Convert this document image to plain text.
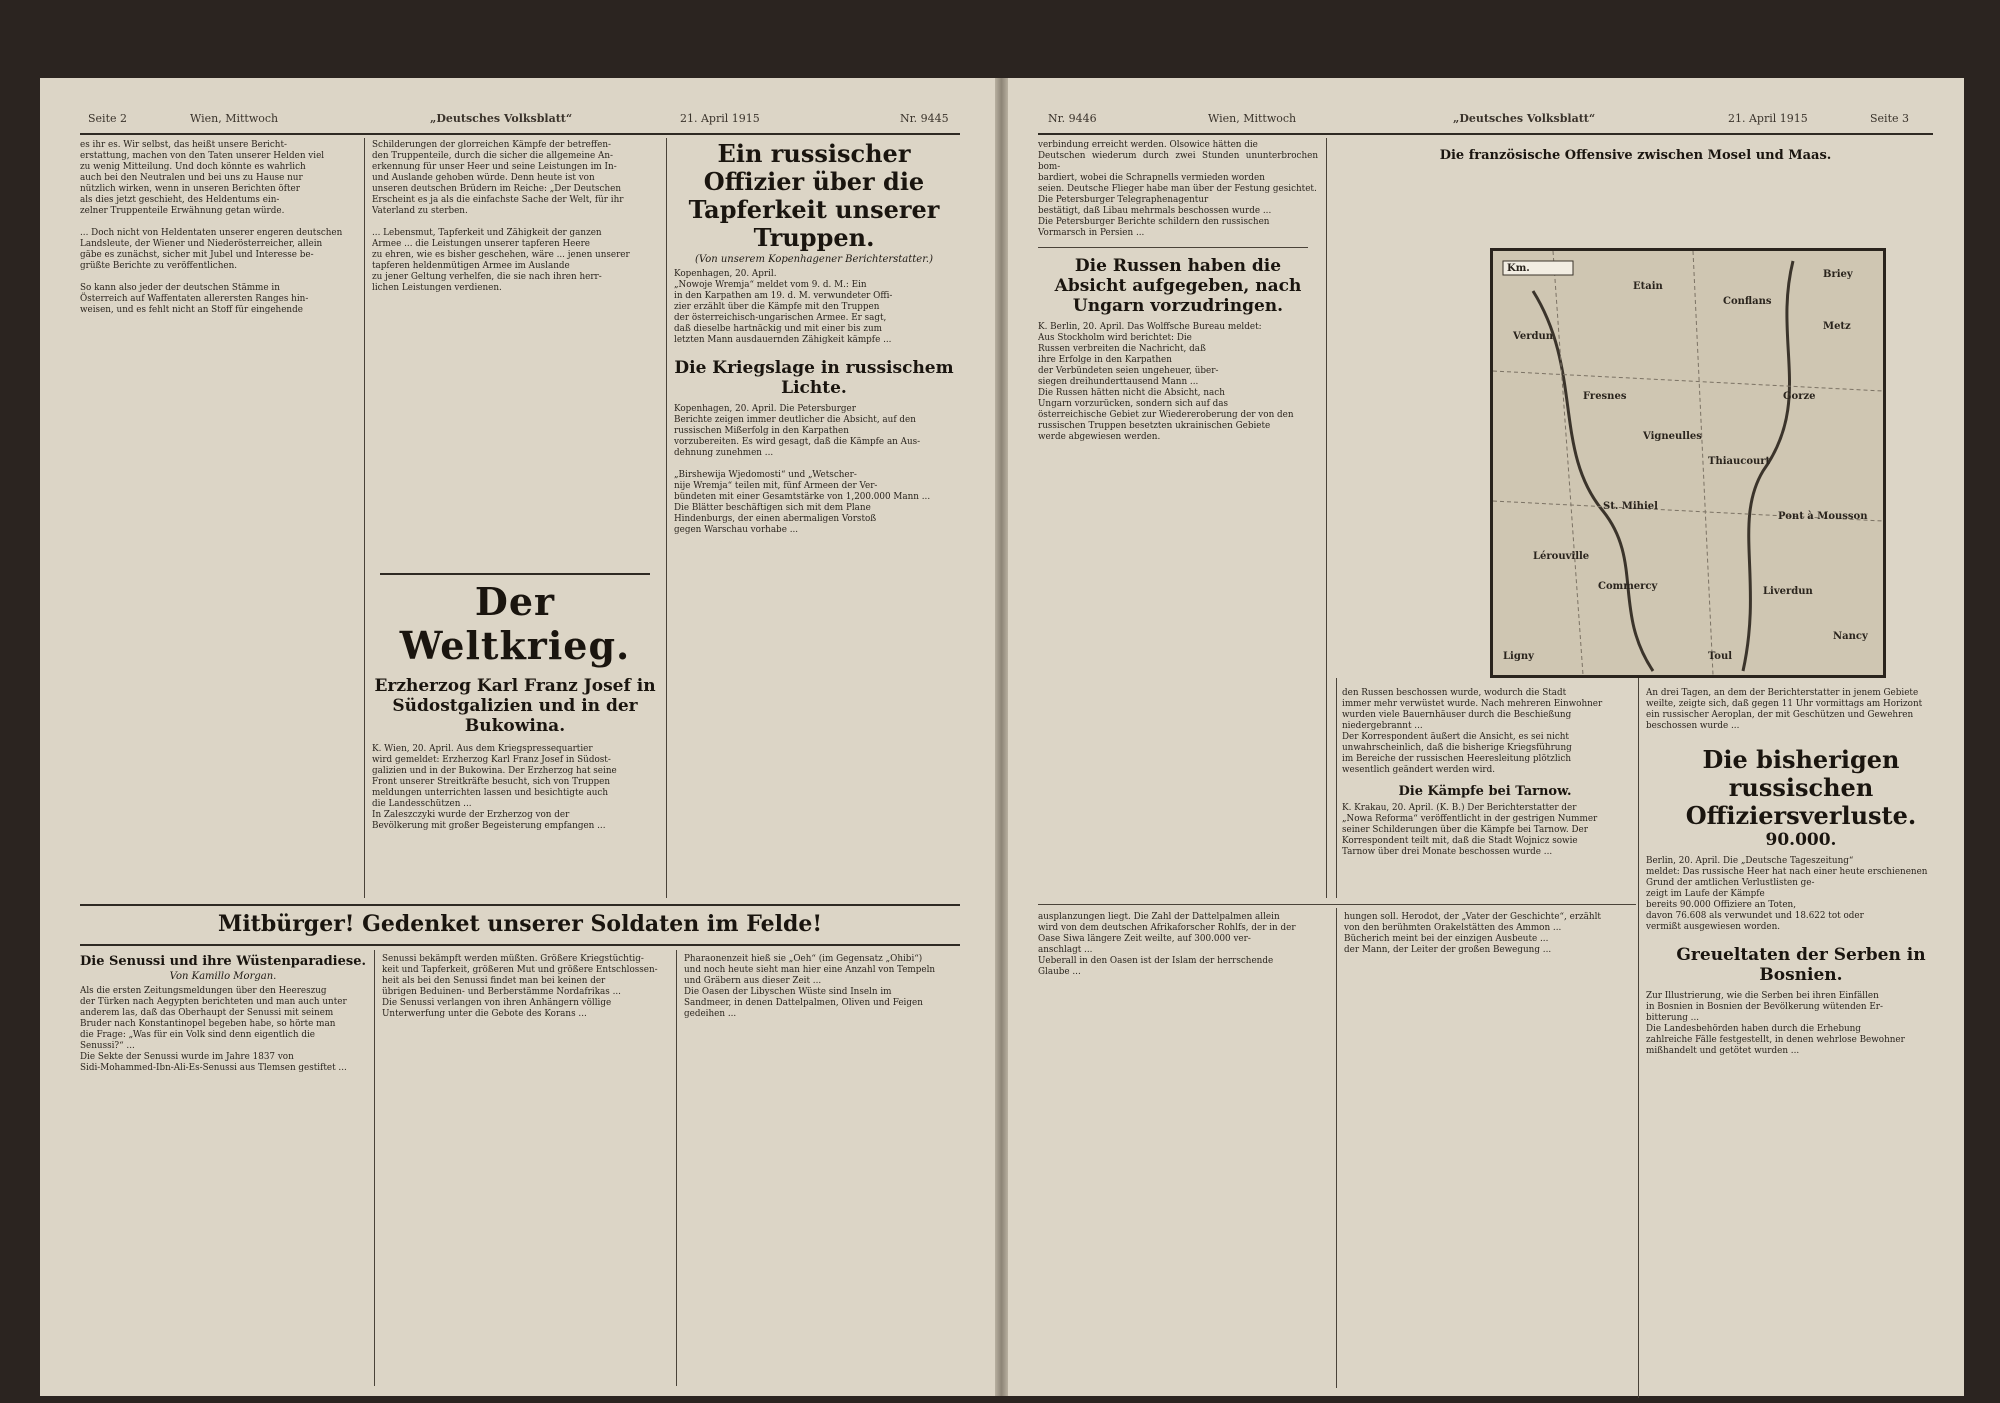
Seite 2	Wien, Mittwoch	„Deutsches Volksblatt“	21. April 1915	Nr. 9445
es ihr es. Wir selbst, das heißt unsere Bericht-
erstattung, machen von den Taten unserer Helden viel
zu wenig Mitteilung. Und doch könnte es wahrlich
auch bei den Neutralen und bei uns zu Hause nur
nützlich wirken, wenn in unseren Berichten öfter
als dies jetzt geschieht, des Heldentums ein-
zelner Truppenteile Erwähnung getan würde.

... Doch nicht von Heldentaten unserer engeren deutschen
Landsleute, der Wiener und Niederösterreicher, allein
gäbe es zunächst, sicher mit Jubel und Interesse be-
grüßte Berichte zu veröffentlichen.

So kann also jeder der deutschen Stämme in
Österreich auf Waffentaten allerersten Ranges hin-
weisen, und es fehlt nicht an Stoff für eingehende
Schilderungen der glorreichen Kämpfe der betreffen-
den Truppenteile, durch die sicher die allgemeine An-
erkennung für unser Heer und seine Leistungen im In-
und Auslande gehoben würde. Denn heute ist von
unseren deutschen Brüdern im Reiche: „Der Deutschen
Erscheint es ja als die einfachste Sache der Welt, für ihr
Vaterland zu sterben.

... Lebensmut, Tapferkeit und Zähigkeit der ganzen
Armee ... die Leistungen unserer tapferen Heere
zu ehren, wie es bisher geschehen, wäre ... jenen unserer
tapferen heldenmütigen Armee im Auslande
zu jener Geltung verhelfen, die sie nach ihren herr-
lichen Leistungen verdienen.
Der Weltkrieg.
Erzherzog Karl Franz Josef in Südostgalizien und in der Bukowina.
K. Wien, 20. April. Aus dem Kriegspressequartier
wird gemeldet: Erzherzog Karl Franz Josef in Südost-
galizien und in der Bukowina. Der Erzherzog hat seine
Front unserer Streitkräfte besucht, sich von Truppen
meldungen unterrichten lassen und besichtigte auch
die Landesschützen ...
In Zaleszczyki wurde der Erzherzog von der
Bevölkerung mit großer Begeisterung empfangen ...
Ein russischer Offizier über die Tapferkeit unserer Truppen.
(Von unserem Kopenhagener Berichterstatter.)
Kopenhagen, 20. April.
„Nowoje Wremja“ meldet vom 9. d. M.: Ein
in den Karpathen am 19. d. M. verwundeter Offi-
zier erzählt über die Kämpfe mit den Truppen
der österreichisch-ungarischen Armee. Er sagt,
daß dieselbe hartnäckig und mit einer bis zum
letzten Mann ausdauernden Zähigkeit kämpfe ...
Die Kriegslage in russischem Lichte.
Kopenhagen, 20. April. Die Petersburger
Berichte zeigen immer deutlicher die Absicht, auf den
russischen Mißerfolg in den Karpathen
vorzubereiten. Es wird gesagt, daß die Kämpfe an Aus-
dehnung zunehmen ...

„Birshewija Wjedomosti“ und „Wetscher-
nije Wremja“ teilen mit, fünf Armeen der Ver-
bündeten mit einer Gesamtstärke von 1,200.000 Mann ...
Die Blätter beschäftigen sich mit dem Plane
Hindenburgs, der einen abermaligen Vorstoß
gegen Warschau vorhabe ...
Mitbürger! Gedenket unserer Soldaten im Felde!
Die Senussi und ihre Wüstenparadiese.
Von Kamillo Morgan.
Als die ersten Zeitungsmeldungen über den Heereszug
der Türken nach Aegypten berichteten und man auch unter
anderem las, daß das Oberhaupt der Senussi mit seinem
Bruder nach Konstantinopel begeben habe, so hörte man
die Frage: „Was für ein Volk sind denn eigentlich die
Senussi?“ ...
Die Sekte der Senussi wurde im Jahre 1837 von
Sidi-Mohammed-Ibn-Ali-Es-Senussi aus Tlemsen gestiftet ...
Senussi bekämpft werden müßten. Größere Kriegstüchtig-
keit und Tapferkeit, größeren Mut und größere Entschlossen-
heit als bei den Senussi findet man bei keinen der
übrigen Beduinen- und Berberstämme Nordafrikas ...
Die Senussi verlangen von ihren Anhängern völlige
Unterwerfung unter die Gebote des Korans ...
Pharaonenzeit hieß sie „Oeh“ (im Gegensatz „Ohibi“)
und noch heute sieht man hier eine Anzahl von Tempeln
und Gräbern aus dieser Zeit ...
Die Oasen der Libyschen Wüste sind Inseln im
Sandmeer, in denen Dattelpalmen, Oliven und Feigen
gedeihen ...
Nr. 9446	Wien, Mittwoch	„Deutsches Volksblatt“	21. April 1915	Seite 3
verbindung erreicht werden. Olsowice hätten die
Deutschen wiederum durch zwei Stunden ununterbrochen bom-
bardiert, wobei die Schrapnells vermieden worden
seien. Deutsche Flieger habe man über der Festung gesichtet.
Die Petersburger Telegraphenagentur
bestätigt, daß Libau mehrmals beschossen wurde ...
Die Petersburger Berichte schildern den russischen
Vormarsch in Persien ...
Die Russen haben die Absicht aufgegeben, nach Ungarn vorzudringen.
K. Berlin, 20. April. Das Wolffsche Bureau meldet:
Aus Stockholm wird berichtet: Die
Russen verbreiten die Nachricht, daß
ihre Erfolge in den Karpathen
der Verbündeten seien ungeheuer, über-
siegen dreihunderttausend Mann ...
Die Russen hätten nicht die Absicht, nach
Ungarn vorzurücken, sondern sich auf das
österreichische Gebiet zur Wiedereroberung der von den
russischen Truppen besetzten ukrainischen Gebiete
werde abgewiesen werden.
Die französische Offensive zwischen Mosel und Maas.
Km.
Verdun
Etain
Metz
St. Mihiel
Commercy
Pont à Mousson
Toul
Nancy
Thiaucourt
Vigneulles
Fresnes	Gorze
Briey
Conflans
Lérouville
Liverdun
Ligny
den Russen beschossen wurde, wodurch die Stadt
immer mehr verwüstet wurde. Nach mehreren Einwohner
wurden viele Bauernhäuser durch die Beschießung
niedergebrannt ...
Der Korrespondent äußert die Ansicht, es sei nicht
unwahrscheinlich, daß die bisherige Kriegsführung
im Bereiche der russischen Heeresleitung plötzlich
wesentlich geändert werden wird.
Die Kämpfe bei Tarnow.
K. Krakau, 20. April. (K. B.) Der Berichterstatter der
„Nowa Reforma“ veröffentlicht in der gestrigen Nummer
seiner Schilderungen über die Kämpfe bei Tarnow. Der
Korrespondent teilt mit, daß die Stadt Wojnicz sowie
Tarnow über drei Monate beschossen wurde ...
An drei Tagen, an dem der Berichterstatter in jenem Gebiete
weilte, zeigte sich, daß gegen 11 Uhr vormittags am Horizont
ein russischer Aeroplan, der mit Geschützen und Gewehren
beschossen wurde ...
Die bisherigen russischen Offiziersverluste.
90.000.
Berlin, 20. April. Die „Deutsche Tageszeitung“
meldet: Das russische Heer hat nach einer heute erschienenen
Grund der amtlichen Verlustlisten ge-
zeigt im Laufe der Kämpfe
bereits 90.000 Offiziere an Toten,
davon 76.608 als verwundet und 18.622 tot oder
vermißt ausgewiesen worden.
Greueltaten der Serben in Bosnien.
Zur Illustrierung, wie die Serben bei ihren Einfällen
in Bosnien in Bosnien der Bevölkerung wütenden Er-
bitterung ...
Die Landesbehörden haben durch die Erhebung
zahlreiche Fälle festgestellt, in denen wehrlose Bewohner
mißhandelt und getötet wurden ...
ausplanzungen liegt. Die Zahl der Dattelpalmen allein
wird von dem deutschen Afrikaforscher Rohlfs, der in der
Oase Siwa längere Zeit weilte, auf 300.000 ver-
anschlagt ...
Ueberall in den Oasen ist der Islam der herrschende
Glaube ...
hungen soll. Herodot, der „Vater der Geschichte“, erzählt
von den berühmten Orakelstätten des Ammon ...
Bücherich meint bei der einzigen Ausbeute ...
der Mann, der Leiter der großen Bewegung ...
